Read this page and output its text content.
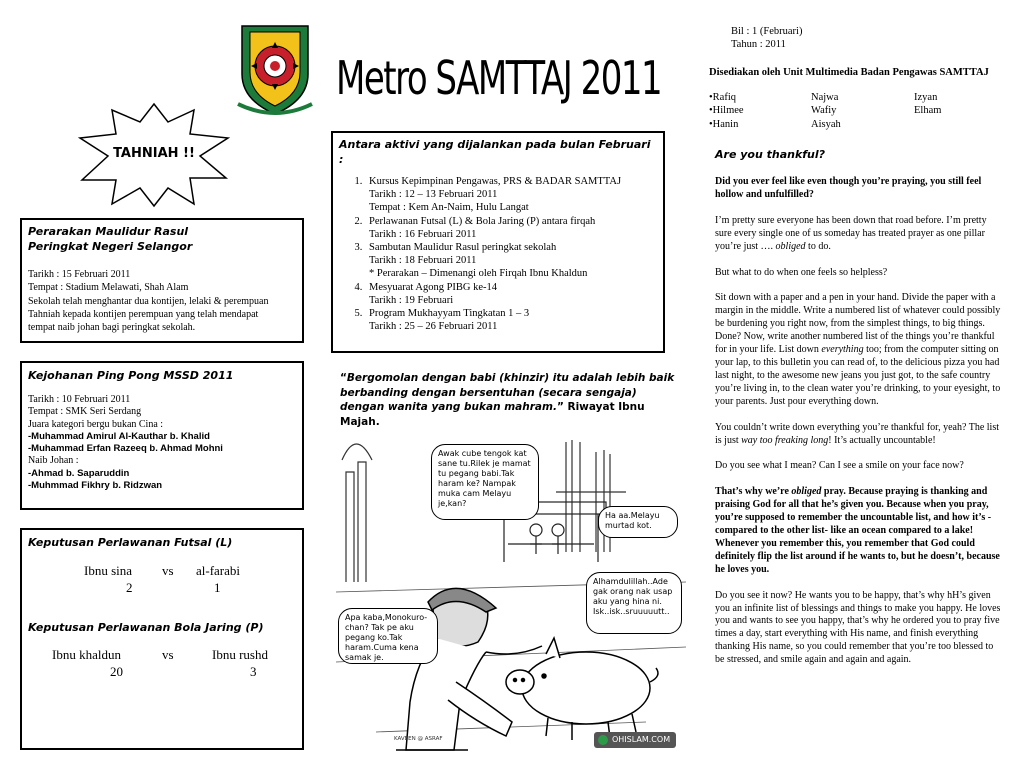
Metro SAMTTAJ 2011
Bil : 1 (Februari)
Tahun : 2011
Disediakan oleh Unit Multimedia Badan Pengawas SAMTTAJ
•Rafiq	Najwa	Izyan
•Hilmee	Wafiy	Elham
•Hanin	Aisyah
TAHNIAH !!
Perarakan Maulidur Rasul
Peringkat Negeri Selangor
Tarikh : 15 Februari 2011
Tempat : Stadium Melawati, Shah Alam
Sekolah telah menghantar dua kontijen, lelaki & perempuan
Tahniah kepada kontijen perempuan yang telah mendapat
tempat naib johan bagi peringkat sekolah.
Kejohanan Ping Pong MSSD 2011
Tarikh : 10 Februari 2011
Tempat : SMK Seri Serdang
Juara kategori bergu bukan Cina :
-Muhammad Amirul Al-Kauthar b. Khalid
-Muhammad Erfan Razeeq b. Ahmad Mohni
Naib Johan :
-Ahmad b. Saparuddin
-Muhmmad Fikhry b. Ridzwan
Keputusan Perlawanan Futsal (L)
Ibnu sina vs al-farabi
2	1
Keputusan Perlawanan Bola Jaring (P)
Ibnu khaldun	vs	Ibnu rushd
20	3
Antara aktivi yang dijalankan pada bulan Februari :
1. Kursus Kepimpinan Pengawas, PRS & BADAR SAMTTAJ
Tarikh : 12 – 13 Februari 2011
Tempat : Kem An-Naim, Hulu Langat
2. Perlawanan Futsal (L) & Bola Jaring (P) antara firqah
Tarikh : 16 Februari 2011
3. Sambutan Maulidur Rasul peringkat sekolah
Tarikh : 18 Februari 2011
* Perarakan – Dimenangi oleh Firqah Ibnu Khaldun
4. Mesyuarat Agong PIBG ke-14
Tarikh : 19 Februari
5. Program Mukhayyam Tingkatan 1 – 3
Tarikh : 25 – 26 Februari 2011
“Bergomolan dengan babi (khinzir) itu adalah lebih baik berbanding dengan bersentuhan (secara sengaja) dengan wanita yang bukan mahram.” Riwayat Ibnu Majah.
Awak cube tengok kat sane tu.Rilek je mamat tu pegang babi.Tak haram ke? Nampak muka cam Melayu je,kan?
Ha aa.Melayu murtad kot.
Apa kaba,Monokuro-chan? Tak pe aku pegang ko.Tak haram.Cuma kena samak je.
Alhamdulillah..Ade gak orang nak usap aku yang hina ni. Isk..isk..sruuuuutt..
KAVEEN @ ASRAF	OHISLAM.COM
Are you thankful?
Did you ever feel like even though you’re praying, you still feel hollow and unfulfilled?
I’m pretty sure everyone has been down that road before. I’m pretty sure every single one of us someday has treated prayer as one pillar you’re just …. obliged to do.
But what to do when one feels so helpless?
Sit down with a paper and a pen in your hand. Divide the paper with a margin in the middle. Write a numbered list of whatever could possibly be burdening you right now, from the simplest things, to big things. Done? Now, write another numbered list of the things you’re thankful for in your life. List down everything too; from the computer sitting on your lap, to this bulletin you can read of, to the delicious pizza you had last night, to the awesome new jeans you just got, to the safe country you’re living in, to the clean water you’re drinking, to your eyesight, to your parents. Just pour everything down.
You couldn’t write down everything you’re thankful for, yeah? The list is just way too freaking long! It’s actually uncountable!
Do you see what I mean? Can I see a smile on your face now?
That’s why we’re obliged pray. Because praying is thanking and praising God for all that he’s given you. Because when you pray, you’re supposed to remember the uncountable list, and how it’s -compared to the other list- like an ocean compared to a lake! Whenever you remember this, you remember that God could definitely flip the list around if he wants to, but he doesn’t, because he loves you.
Do you see it now? He wants you to be happy, that’s why hH’s given you an infinite list of blessings and things to make you happy. He loves you and wants to see you happy, that’s why he ordered you to pray five times a day, start everything with His name, and finish everything thanking His name, so you could remember that you’re too blessed to be stressed, and smile again and again and again.
